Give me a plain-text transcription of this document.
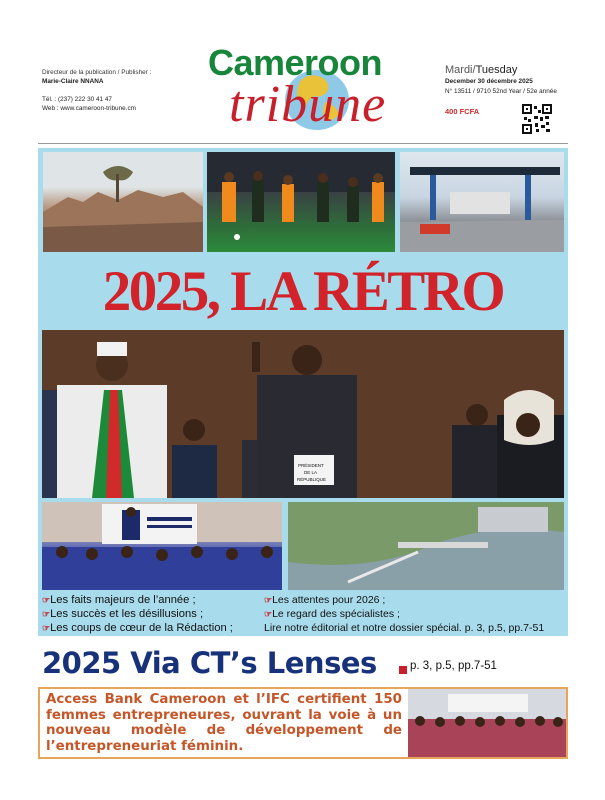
Directeur de la publication / Publisher :
Marie-Claire NNANA
Tél. : (237) 222 30 41 47
Web : www.cameroon-tribune.cm
Cameroon
tribune
Mardi/Tuesday
December 30 décembre 2025
N° 13511 / 9710 52nd Year / 52e année
400 FCFA
2025, LA RÉTRO
PRÉSIDENT
DE LA
RÉPUBLIQUE
☞Les faits majeurs de l’année ;
☞Les succès et les désillusions ;
☞Les coups de cœur de la Rédaction ;
☞Les attentes pour 2026 ;
☞Le regard des spécialistes ;
Lire notre éditorial et notre dossier spécial. p. 3, p.5, pp.7-51
2025 Via CT’s Lenses	p. 3, p.5, pp.7-51
Access Bank Cameroon et l’IFC certifient 150 femmes entrepreneures, ouvrant la voie à un nouveau modèle de développement de l’entrepreneuriat féminin.
